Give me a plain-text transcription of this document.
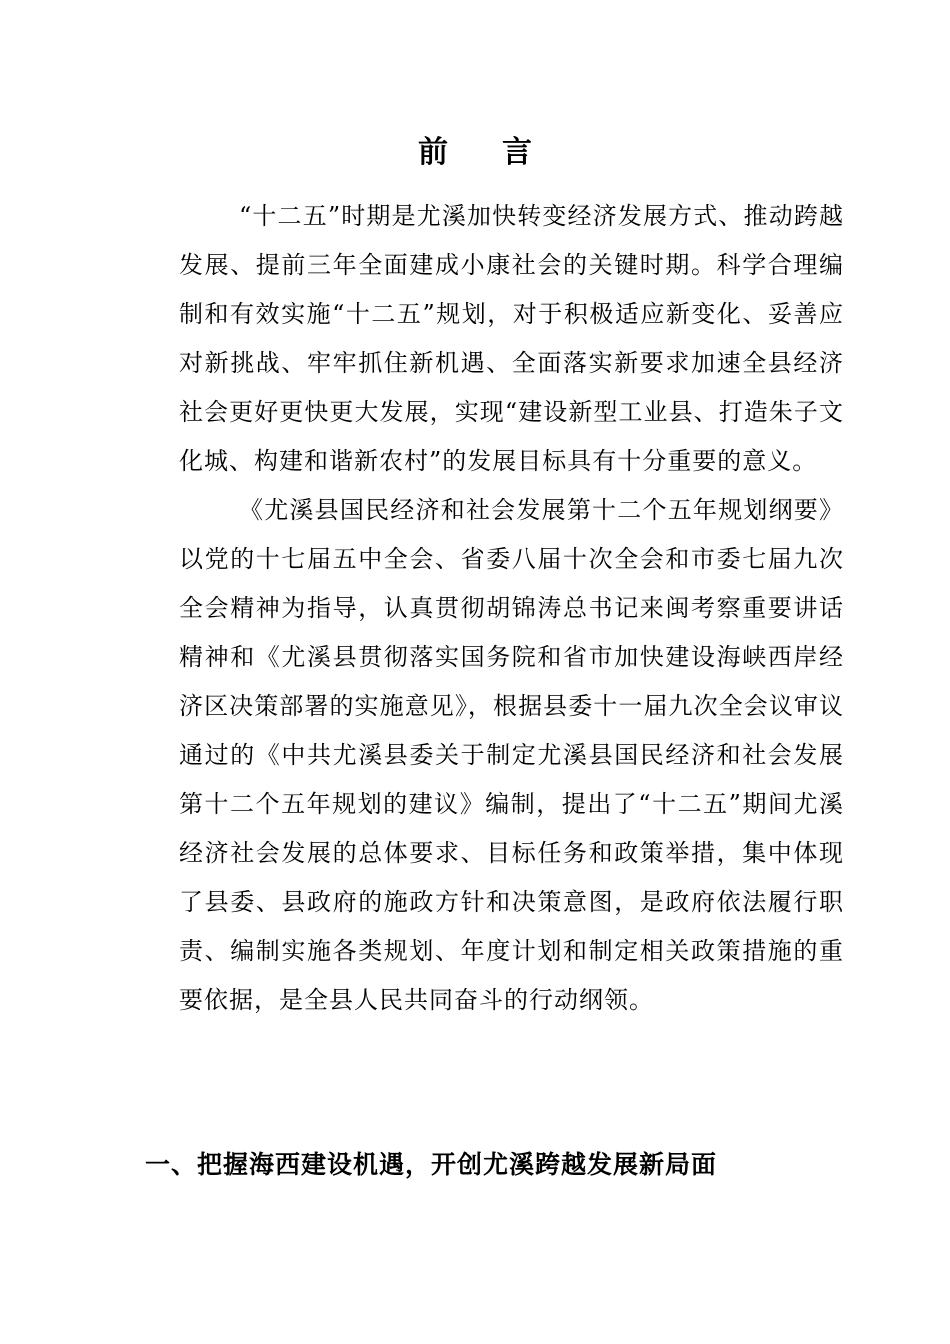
前言

“十二五”时期是尤溪加快转变经济发展方式、推动跨越发展、提前三年全面建成小康社会的关键时期。科学合理编制和有效实施“十二五”规划，对于积极适应新变化、妥善应对新挑战、牢牢抓住新机遇、全面落实新要求加速全县经济社会更好更快更大发展，实现“建设新型工业县、打造朱子文化城、构建和谐新农村”的发展目标具有十分重要的意义。

《尤溪县国民经济和社会发展第十二个五年规划纲要》以党的十七届五中全会、省委八届十次全会和市委七届九次全会精神为指导，认真贯彻胡锦涛总书记来闽考察重要讲话精神和《尤溪县贯彻落实国务院和省市加快建设海峡西岸经济区决策部署的实施意见》，根据县委十一届九次全会议审议通过的《中共尤溪县委关于制定尤溪县国民经济和社会发展第十二个五年规划的建议》编制，提出了“十二五”期间尤溪经济社会发展的总体要求、目标任务和政策举措，集中体现了县委、县政府的施政方针和决策意图，是政府依法履行职责、编制实施各类规划、年度计划和制定相关政策措施的重要依据，是全县人民共同奋斗的行动纲领。

一、把握海西建设机遇，开创尤溪跨越发展新局面
